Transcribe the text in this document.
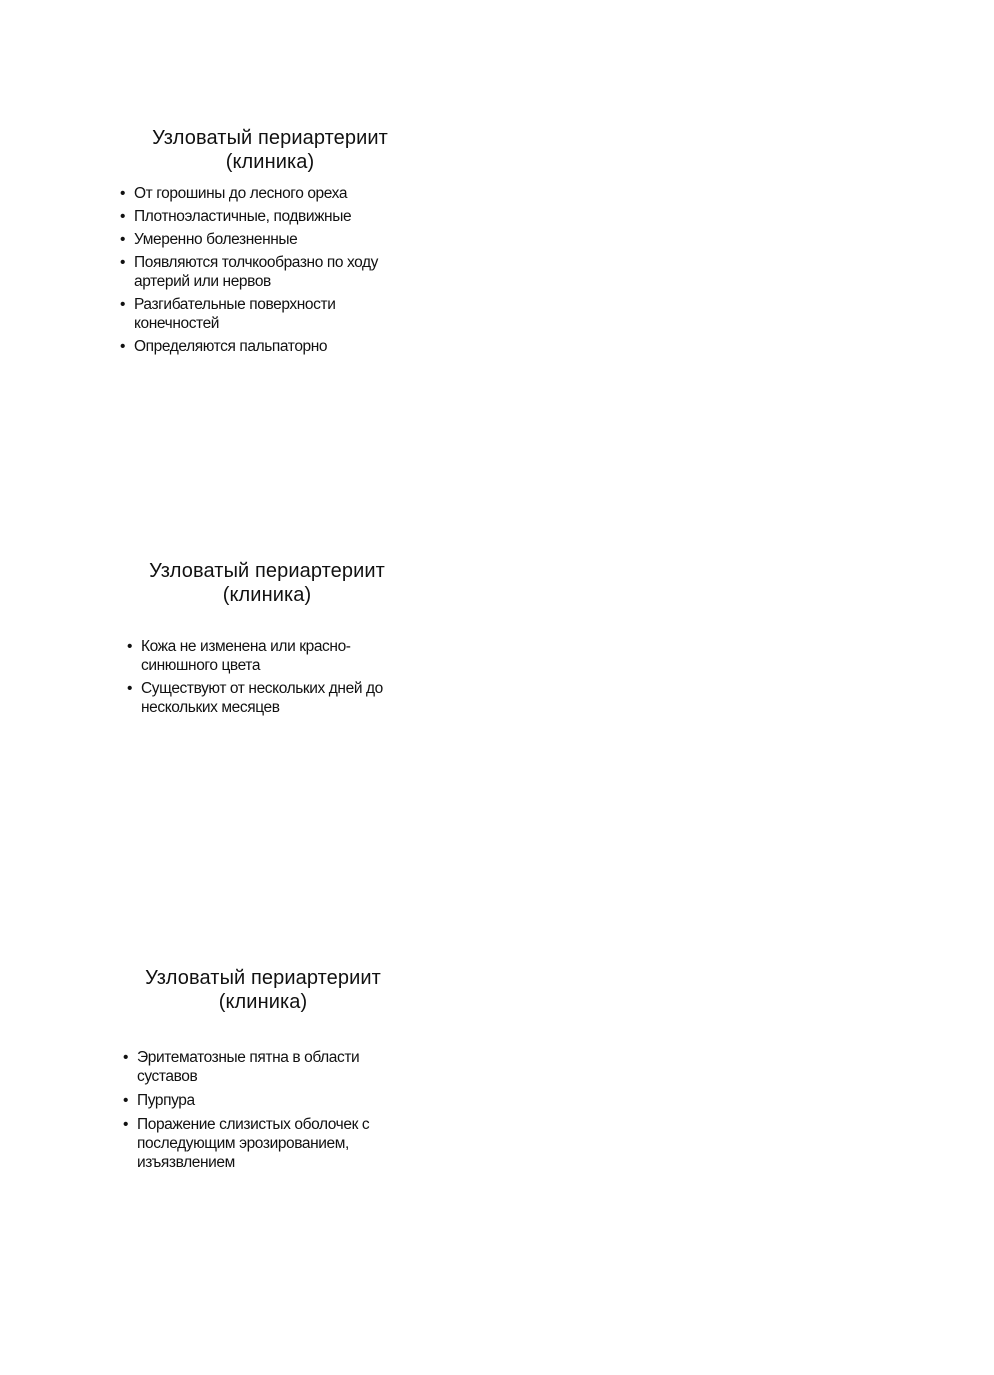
Узловатый периартериит
(клиника)
• От горошины до лесного ореха
• Плотноэластичные, подвижные
• Умеренно болезненные
• Появляются толчкообразно по ходу артерий или нервов
• Разгибательные поверхности конечностей
• Определяются пальпаторно
Узловатый периартериит
(клиника)
• Кожа не изменена или красно-синюшного цвета
• Существуют от нескольких дней до нескольких месяцев
Узловатый периартериит
(клиника)
• Эритематозные пятна в области суставов
• Пурпура
• Поражение слизистых оболочек с последующим эрозированием, изъязвлением
